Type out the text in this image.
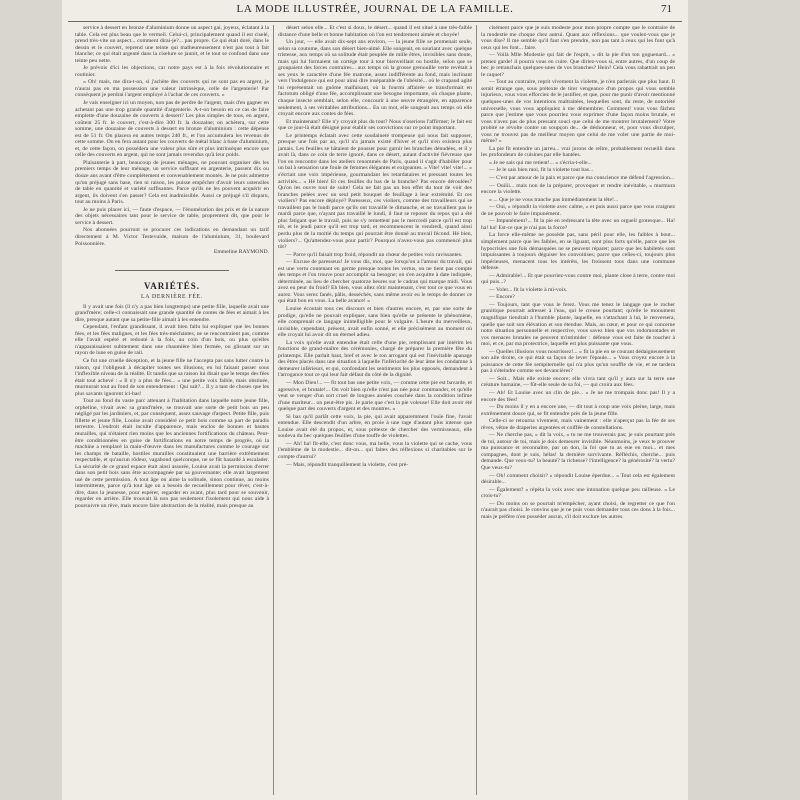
LA MODE ILLUSTRÉE, JOURNAL DE LA FAMILLE.	71

service à dessert en bronze d'aluminium donne un aspect gai, joyeux, éclatant à la table. Cela est plus beau que le vermeil. Celui-ci, principalement quand il est ciselé, prend très-vite un aspect... comment dirai-je?... pas propre. Ce qui était doré, dans le dessin et le couvert, reprend une teinte qui malheureusement n'est pas tout à fait blanche; ce qui était argenté dans la ciselure se jaunit, et le tout se confond dans une teinte peu nette.

Je prévois d'ici les objections, car notre pays est à la fois révolutionnaire et routinier.

« Oh! mais, me dira-t-on, si j'achète des couverts qui ne sont pas en argent, je n'aurai pas en ma possession une valeur intrinsèque, celle de l'argenterie! Par conséquent je perdrai l'argent employé à l'achat de ces couverts. »

Je vais enseigner ici un moyen, non pas de perdre de l'argent, mais d'en gagner en achetant pas une trop grande quantité d'argenterie. A-t-on besoin en ce cas de faire emplette d'une douzaine de couverts à dessert? Les plus simples de tous, en argent, coûtent 25 fr. le couvert, c'est-à-dire 300 fr. la douzaine; on achètera, sur cette somme, une douzaine de couverts à dessert en bronze d'aluminium : cette dépense est de 51 fr. On placera en autres temps 240 fr., et l'on accumulera les revenus de cette somme. On en fera autant pour les couverts de métal blanc à base d'aluminium, et, de cette façon, on possédera une valeur plus sûre et plus intrinsèque encore que celle des couverts en argent, qui ne sont jamais revendus qu'à leur poids.

Plaisanterie à part, beaucoup de jeunes ménages, ne pouvant organiser dès les premiers temps de leur ménage, un service suffisant en argenterie, passent dix ou douze ans avant d'être complétement et convenablement montés. Je ne puis admettre qu'un préjugé sans base, rien ni raison, les puisse empêcher d'avoir leurs ustensiles de table en quantité et variété suffisantes. Parce qu'ils ne les pouvent acquérir en argent, ils doivent s'en passer? Cela est inadmissible. Aussi ce préjugé s'il disparu, tout au moins à Paris.

Je ne puis placer ici, — faute d'espace, — l'énumération des prix et de la nature des objets nécessaires tant pour le service de table, proprement dit, que pour le service à dessert.

Nos abonnées pourront se procurer ces indications en demandant un tarif directement à M. Victor Testevuide, maison de l'aluminium, 31, boulevard Poissonnière.

Emmeline RAYMOND.

VARIÉTÉS.
LA DERNIÈRE FÉE.

Il y avait une fois (il n'y a pas bien longtemps) une petite fille, laquelle avait une grand'mère; celle-ci connaissait une grande quantité de contes de fées et aimait à les dire, presque autant que sa petite-fille aimait à les entendre.

Cependant, l'enfant grandissant, il avait bien fallu lui expliquer que les bonnes fées, et les fées malignes, et les fées très-méchantes, ne se rencontraient pas, comme elle l'avait espéré et redouté à la fois, au coin d'un bois, ou plus qu'elles n'apparaissaient subitement dans une chaumière bien fermée, ou glissant sur un rayon de lune en guise de rail.

Ce fut une cruelle déception, et la jeune fille ne l'accepta pas sans lutter contre la raison, qui l'obligeait à décapiter toutes ses illusions, en lui faisant passer sous l'inflexible niveau de la réalité. Et tandis que sa raison lui disait que le temps des fées était tout achevé : « Il n'y a plus de fées... » une petite voix faible, mais obstinée, murmurait tout au fond de son entendement : Qui sait?... Il y a tant de choses que les plus savants ignorent ici-bas!

Tout au fond du vaste parc attenant à l'habitation dans laquelle notre jeune fille, orpheline, vivait avec sa grand'mère, se trouvait une sorte de petit bois un peu négligé par les jardiniers, et, par conséquent, assez sauvage d'aspect. Petite fille, puis fillette et jeune fille, Louise avait considéré ce petit bois comme sa part de paradis terrestre. L'endroit était inculte d'apparence, mais enclos de bonnes et hautes murailles, qui n'étaient rien moins que les anciennes fortifications du château. Peut-être conditionnées en guise de fortifications en notre temps de progrès, où la machine a remplacé la main-d'œuvre dans les manufactures comme le courage sur les champs de bataille, hostiles murailles constituaient une barrière extrêmement respectable, et qu'aucun rôdeur, vagabond quelconque, ne se fût hasardé à escalader. La sécurité de ce grand espace était ainsi assurée, Louise avait la permission d'errer dans son petit bois sans être accompagnée par sa gouvernante; elle avait largement usé de cette permission. A tout âge on aime la solitude, sinon continue, au moins intermittente, parce qu'à tout âge on a besoin de recueillement pour rêver, c'est-à-dire, dans la jeunesse, pour espérer, regarder en avant, plus tard pour se souvenir, regarder en arrière. Elle trouvait là non pas seulement l'isolement qui nous aide à poursuivre un rêve, mais encore faire abstraction de la réalité, mais presque au

désert selon elle... Et c'est si doux, le désert... quand il est situé à une très-faible distance d'une belle et bonne habitation où l'on est tendrement aimée et choyée!

Un jour, — elle avait dix-sept ans environ, — la jeune fille se promenait seule, selon sa coutume, dans son désert bien-aimé. Elle songeait, en souriant avec quelque tristesse, aux temps où sa solitude était peuplée de mille êtres, invisibles sans doute, mais qui lui formaient un cortége tour à tour bienveillant ou hostile, selon que se groupaient des forces contraires... aux temps où la grosse grenouille verte revêtait à ses yeux le caractère d'une fée matrone, assez indifférente au fond, mais inclinant vers l'indulgence qui est pour ainsi dire inséparable de l'obésité... où le crapaud agité lui représentait un gnôme malfaisant, où la fourmi affairée se transformait en factotum obligé d'une fée, accomplissant une besogne importante, où chaque plante, chaque insecte semblait, selon elle, concourir à une œuvre étrangère, en apparence seulement, à ses véritables attributions... En un mot, elle songeait aux temps où elle croyait encore aux contes de fées.

Et maintenant? Elle n'y croyait plus du tout? Nous n'oserions l'affirmer; le fait est que ce jour-là était désigné pour établir ses convictions sur ce point important.

Le printemps éclatait avec cette soudaineté trompeuse qui nous fait supposer, presque une fois par an, qu'il n'a jamais existé d'hiver et qu'il n'en existera plus jamais. Les feuilles se hâtaient de pousser pour garnir les branches dénudées, et il y avait là, dans ce coin de terre ignoré, dans ce désert, autant d'activité fiévreuse que l'on en rencontre dans les ateliers renommés de Paris, quand il s'agit d'habiller pour un bal à sensation une foule de femmes élégantes et exigeantes. « Vite! vite! vite!... » s'écriait une voix impérieuse, gourmandant les retardataires et pressant toutes les activités... « Hé bien! Et ces feuilles du bas de la branche? Pas encore déroulées? Qu'on les ouvre tout de suite! Cela ne fait pas un bon effet du tout de voir des branches pelées avec un seul petit bouquet de feuillage à leur extrémité. Et ces violiers? Pas encore déployé? Paresseux, ces violiers, comme des travailleurs qui se travaillent pas le lundi parce qu'ils ont travaillé le dimanche, et ne travaillent pas le mardi parce que, n'ayant pas travaillé le lundi, il faut se reposer du repos qui a été plus fatigant que le travail, puis ne s'y remettent pas le mercredi parce qu'il est trop tôt, et le jeudi parce qu'il est trop tard, et recommencent le vendredi, quand ainsi perdu plus de la moitié du temps qui pourrait être donné au travail fécond. Hé bien, violiers?... Qu'attendez-vous pour partir? Pourquoi n'avez-vous pas commencé plus tôt?

— Parce qu'il faisait trop froid, répondit un chœur de petites voix ravissantes.

— Excuse de paresseux! Je vous dis, moi, que lorsqu'on a l'amour du travail, qui est une vertu contenant en germe presque toutes les vertus, on ne tient pas compte des temps et l'on trouve pour accomplir sa besogne; on s'en acquitte à date indiquée, déterminée, au lieu de chercher quatorze heures sur le cadran qui marque midi. Vous avez eu peur du froid? Eh bien, vous allez rôtir maintenant, c'est tout ce que vous en aurez. Vous serez fanés, pâlis, desséchés, sans même avoir eu le temps de donner ce qui était bon en vous. La belle avance! »

Louise écoutait tous ces discours et bien d'autres encore, et, par une sorte de prodige, qu'elle ne pouvait expliquer, sans bien qu'elle se présente le phénomène, elle comprenait ce langage inintelligible pour le vulgaire. L'heure du merveilleux, invisible, cependant, présent, avait enfin sonné, et elle précisément au moment où elle croyait lui avoir dit un éternel adieu.

La voix qu'elle avait entendue était celle d'une pie, remplissant par intérim les fonctions de grand-maître des cérémonies, chargé de préparer la première fête du printemps. Elle parlait haut, bref et avec le ton arrogant qui est l'inévitable apanage des êtres placés dans une situation à laquelle l'infériorité de leur âme les condamne à demeurer inférieurs, et qui, confondant les sentiments les plus opposés, demandent à l'arrogance tout ce qui leur fait défaut du côté de la dignité.

— Mon Dieu!... — fit tout bas une petite voix, — comme cette pie est bavarde, et agressive, et brutale!... On voit bien qu'elle n'est pas née pour commander, et qu'elle veut se venger d'un sort cruel de longues années couchée dans la condition infime d'une mariteur... on peut-être pis. Je parie que c'est la pie voleuse! Elle doit avoir été quelque part des couverts d'argent et des montres. »

Si bas qu'il parlât cette voix, la pie, qui avait apparemment l'ouïe fine, l'avait entendue. Elle descendit d'un arbre, en proie à une rage d'autant plus intense que Louise avait été du propos, et, sous prétexte de chercher des vermisseaux, elle souleva du bec quelques feuilles d'une touffe de violettes.

— Ah! ha! fit-elle, c'est donc vous, ma belle, vous la violette qui se cache, vous l'emblème de la modestie... dit-on... qui faites des réflexions si charitables sur le compte d'autrui?

— Mais, répondit tranquillement la violette, c'est pré-

cisément parce que je suis modeste pour mon propre compte que le contraire de la modestie me choque chez autrui. Quant aux réflexions... que voulez-vous que je vous dise? Il me semble qu'il faut s'en prendre, non pas tant à ceux qui les font qu'à ceux qui les font... faire.

— Voilà Mlle Modestie qui fait de l'esprit, » dit la pie d'un ton goguenard... « prenez garde! il pourra vous en cuire. Que diriez-vous si, entre autres, d'un coup de bec je retranchais quelques-unes de vos branches? Hein? Cela vous rabattrait un peu le caquet?

— Tout au contraire, reprit vivement la violette, je n'en parlerais que plus haut. Il serait étrange que, sous prétexte de tirer vengeance d'un propos qui vous semble injurieux, vous vous efforciez de le justifier, et que, pour me punir d'avoir mentionné quelques-unes de vos intentions maltraitées, lesquelles sont, du reste, de notoriété universelle, vous vous appliquiez à me démembrer. Comment! vous vous fâchez parce que j'estime que vous pourriez vous exprimer d'une façon moins brutale, et vous n'avez pas de plus pressant souci que celui de me montrer brutalement? Votre probité se révolte contre un soupçon de... de déshonneur, et, pour vous disculper, vous ne trouvez pas de meilleur moyen que celui de me voler une partie de moi-même? »

La pie fit entendre un jarreu... vrai jurons de reître, probablement recueilli dans les profondeurs de cuisines par elle hantées.

« Je ne sais qui me retient!... » s'écria-t-elle...

— Je le sais bien moi, fit la violette tout bas...

— C'est par amour de la paix et parce que ma conscience me défend l'agression...

— Ouiiii... mais non de la préparer, provoquer et rendre inévitable, » murmura encore la violette.

« ... Que je ne vous tranche pas immédiatement la tête!...

— Oui, » répondit la violette avec calme, « et puis aussi parce que vous craignez de ne pouvoir le faire impunément.

— Impunément?... fit la pie en redressant la tête avec un orgueil grotesque... Ha! ha! ha! Est-ce que je n'ai pas la force?

La force elle-même ne possède pas, sans péril pour elle, les faibles à bout... simplement parce que les faibles, en se liguant, sont plus forts qu'elle, parce que les hypocrisies une fois démasquées ne se peuvent réparer; parce que les habiletés sont impuissantes à toujours déguiser les convoitises; parce que celles-ci, toujours plus impérieuses, menacent tous les intérêts, les froissent tous dans une commune défense.

— Admirable!... Et que pourriez-vous contre moi, plante close à terre, contre moi qui puis...?

— Voler... fit la violette à mi-voix.

— Encore?

— Toujours, tant que vous le ferez. Vous me tenez le langage que le rocher granitique pourrait adresser à l'eau, qui le creuse pourtant; qu'elle le monument magnifique tiendrait à l'humble plante, laquelle, en s'attachant à lui, le renversera, quelle que soit son élévation et son étendue. Mais, au cœur, et pour ce qui concerne notre situation personnelle et respective, vous savez bien que vos rodomontades et vos menaces brutales ne peuvent m'intimider : défense vous est faite de toucher à moi, et ce, par ma protectrice, laquelle est plus puissante que vous.

— Quelles illusions vous nourrissez!... » fit la pie en se courant dédaigneusement son aile droite, ce qui était sa façon de lever l'épaule... « Vous croyez encore à la puissance de cette fée sempiternelle qui n'a plus qu'un souffle de vie, et ne tardera pas à s'éteindre comme ses devancières?

— Soit... Mais elle existe encore; elle vivra tant qu'il y aura sur la terre une créature humaine, — fût-elle seule de sa foi, — qui croira aux fées.

— Ah! Et Louise avec un clin de pie... « Je ne me trompais donc pas! Il y a encore des fées!

— Du moins il y en a encore une, — dit tout à coup une voix pleine, large, mais extrêmement douce qui, se fit entendre près de la jeune fille.

Celle-ci se retourna vivement, mais vainement : elle n'aperçut pas la fée de ses rêves, vêtue de draperies argentées et coiffée de constellations.

— Ne cherche pas, » dit la voix, « tu ne me trouverais pas; je suis pourtant près de toi, autour de toi, mais je dois demeurer invisible. Néanmoins, je veux te prouver ma puissance et reconnaître, par un don, la foi que tu as eue en moi... et mes compagnes, dont je suis, hélas! la dernière survivante. Réfléchis, cherche... puis demande. Que veux-tu? la beauté? la richesse? l'intelligence? la générosité? la vertu? Que veux-tu?

— Oh! comment choisir? » répondit Louise éperdue... « Tout cela est également désirable...

— Également? » répéta la voix avec une intonation quelque peu railleuse. « Le crois-tu?

— Du moins on se pourrait m'empêcher, ayant choisi, de regretter ce que l'on n'aurait pas choisi. Je convins que je ne puis vous demander tous ces dons à la fois... mais je préfère n'en posséder aucun, s'il doit exclure les autres.
